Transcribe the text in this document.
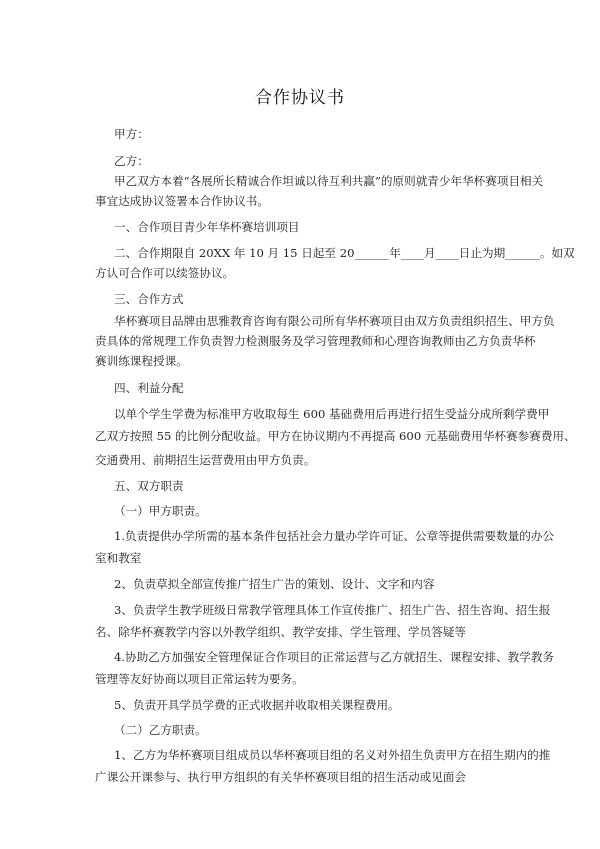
合作协议书
甲方：
乙方：
甲乙双方本着“各展所长精诚合作坦诚以待互利共赢”的原则就青少年华杯赛项目相关
事宜达成协议签署本合作协议书。
一、合作项目青少年华杯赛培训项目
二、合作期限自 20XX 年 10 月 15 日起至 20______年____月____日止为期______。如双
方认可合作可以续签协议。
三、合作方式
华杯赛项目品牌由思雅教育咨询有限公司所有华杯赛项目由双方负责组织招生、甲方负
责具体的常规理工作负责智力检测服务及学习管理教师和心理咨询教师由乙方负责华杯
赛训练课程授课。
四、利益分配
以单个学生学费为标准甲方收取每生 600 基础费用后再进行招生受益分成所剩学费甲
乙双方按照 55 的比例分配收益。甲方在协议期内不再提高 600 元基础费用华杯赛参赛费用、
交通费用、前期招生运营费用由甲方负责。
五、双方职责
（一）甲方职责。
1.负责提供办学所需的基本条件包括社会力量办学许可证、公章等提供需要数量的办公
室和教室
2、负责草拟全部宣传推广招生广告的策划、设计、文字和内容
3、负责学生教学班级日常教学管理具体工作宣传推广、招生广告、招生咨询、招生报
名、除华杯赛教学内容以外教学组织、教学安排、学生管理、学员答疑等
4.协助乙方加强安全管理保证合作项目的正常运营与乙方就招生、课程安排、教学教务
管理等友好协商以项目正常运转为要务。
5、负责开具学员学费的正式收据并收取相关课程费用。
（二）乙方职责。
1、乙方为华杯赛项目组成员以华杯赛项目组的名义对外招生负责甲方在招生期内的推
广课公开课参与、执行甲方组织的有关华杯赛项目组的招生活动或见面会
